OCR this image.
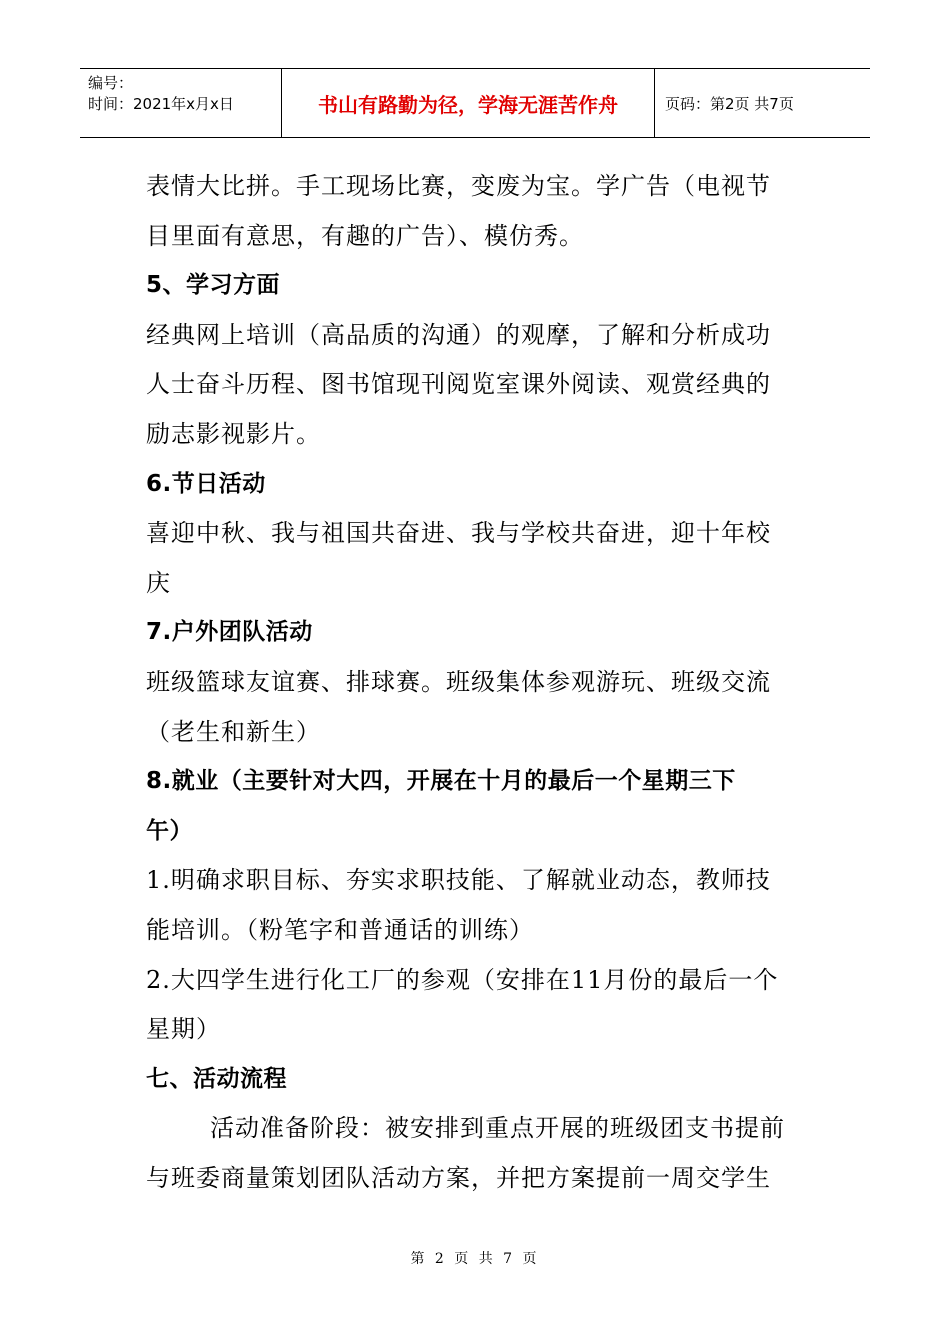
编号：
时间：2021年x月x日	书山有路勤为径，学海无涯苦作舟	页码：第2页 共7页
表情大比拼。手工现场比赛，变废为宝。学广告（电视节
目里面有意思，有趣的广告）、模仿秀。
5、学习方面
经典网上培训（高品质的沟通）的观摩，了解和分析成功
人士奋斗历程、图书馆现刊阅览室课外阅读、观赏经典的
励志影视影片。
6.节日活动
喜迎中秋、我与祖国共奋进、我与学校共奋进，迎十年校
庆
7.户外团队活动
班级篮球友谊赛、排球赛。班级集体参观游玩、班级交流
（老生和新生）
8.就业（主要针对大四，开展在十月的最后一个星期三下
午）
1.明确求职目标、夯实求职技能、了解就业动态，教师技
能培训。（粉笔字和普通话的训练）
2.大四学生进行化工厂的参观（安排在11月份的最后一个
星期）
七、活动流程
活动准备阶段：被安排到重点开展的班级团支书提前
与班委商量策划团队活动方案，并把方案提前一周交学生
第 2 页 共 7 页
